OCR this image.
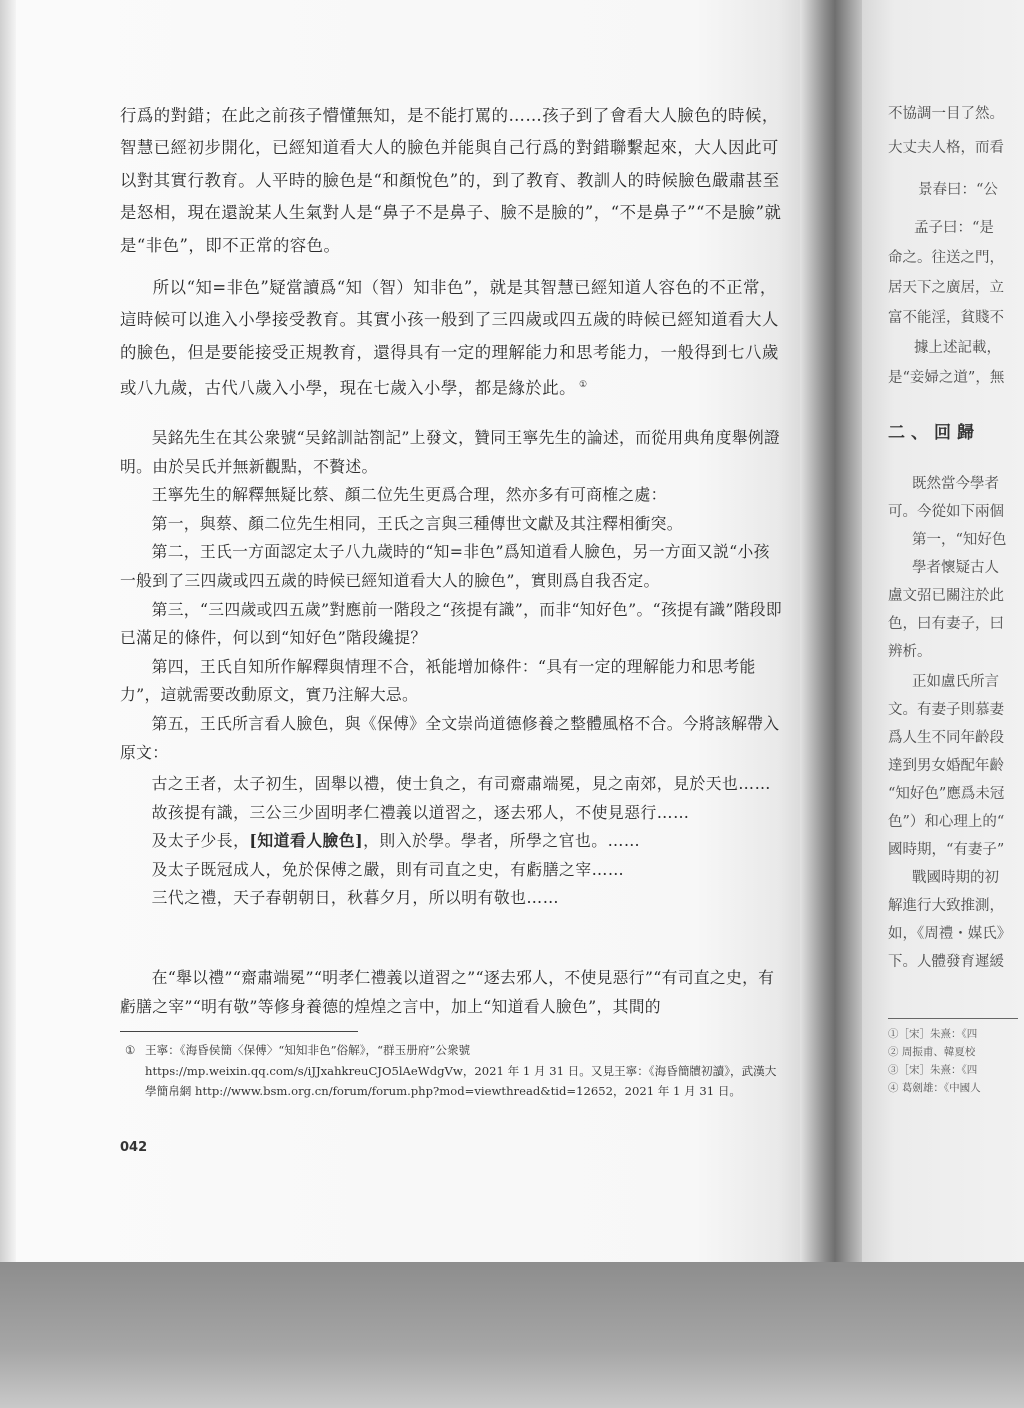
行爲的對錯；在此之前孩子懵懂無知，是不能打罵的……孩子到了會看大人臉色的時候，智慧已經初步開化，已經知道看大人的臉色并能與自己行爲的對錯聯繫起來，大人因此可以對其實行教育。人平時的臉色是“和顏悅色”的，到了教育、教訓人的時候臉色嚴肅甚至是怒相，現在還說某人生氣對人是“鼻子不是鼻子、臉不是臉的”，“不是鼻子”“不是臉”就是“非色”，即不正常的容色。

所以“知=非色”疑當讀爲“知（智）知非色”，就是其智慧已經知道人容色的不正常，這時候可以進入小學接受教育。其實小孩一般到了三四歲或四五歲的時候已經知道看大人的臉色，但是要能接受正規教育，還得具有一定的理解能力和思考能力，一般得到七八歲或八九歲，古代八歲入小學，現在七歲入小學，都是緣於此。 ①

吴銘先生在其公衆號“吴銘訓詁劄記”上發文，贊同王寧先生的論述，而從用典角度舉例證明。由於吴氏并無新觀點，不贅述。

王寧先生的解釋無疑比蔡、顏二位先生更爲合理，然亦多有可商榷之處：

第一，與蔡、顏二位先生相同，王氏之言與三種傳世文獻及其注釋相衝突。

第二，王氏一方面認定太子八九歲時的“知=非色”爲知道看人臉色，另一方面又説“小孩一般到了三四歲或四五歲的時候已經知道看大人的臉色”，實則爲自我否定。

第三，“三四歲或四五歲”對應前一階段之“孩提有識”，而非“知好色”。“孩提有識”階段即已滿足的條件，何以到“知好色”階段纔提？

第四，王氏自知所作解釋與情理不合，衹能增加條件：“具有一定的理解能力和思考能力”，這就需要改動原文，實乃注解大忌。

第五，王氏所言看人臉色，與《保傅》全文崇尚道德修養之整體風格不合。今將該解帶入原文：

古之王者，太子初生，固舉以禮，使士負之，有司齋肅端冕，見之南郊，見於天也……

故孩提有識，三公三少固明孝仁禮義以道習之，逐去邪人，不使見惡行……

及太子少長，[知道看人臉色]，則入於學。學者，所學之官也。……

及太子既冠成人，免於保傅之嚴，則有司直之史，有虧膳之宰……

三代之禮，天子春朝朝日，秋暮夕月，所以明有敬也……

在“舉以禮”“齋肅端冕”“明孝仁禮義以道習之”“逐去邪人，不使見惡行”“有司直之史，有虧膳之宰”“明有敬”等修身養德的煌煌之言中，加上“知道看人臉色”，其間的

① 王寧：《海昏侯簡〈保傅〉“知知非色”俗解》，“群玉册府”公衆號 https://mp.weixin.qq.com/s/iJJxahkreuCJO5lAeWdgVw，2021 年 1 月 31 日。又見王寧：《海昏簡牘初讀》，武漢大學簡帛網 http://www.bsm.org.cn/forum/forum.php?mod=viewthread&tid=12652，2021 年 1 月 31 日。
042
不協調一目了然。
大丈夫人格，而看
景春曰：“公
孟子曰：“是
命之。往送之門，
居天下之廣居，立
富不能淫，貧賤不
據上述記載，
是“妾婦之道”，無
二、回歸
既然當今學者
可。今從如下兩個
第一，“知好色
學者懷疑古人
盧文弨已關注於此
色，曰有妻子，曰
辨析。
正如盧氏所言
文。有妻子則慕妻
爲人生不同年齡段
達到男女婚配年齡
“知好色”應爲未冠
色”）和心理上的“
國時期，“有妻子”
戰國時期的初
解進行大致推測，
如，《周禮・媒氏》
下。人體發育遲緩
①［宋］朱熹：《四
② 周振甫、韓夏校
③［宋］朱熹：《四
④ 葛劍雄：《中國人
